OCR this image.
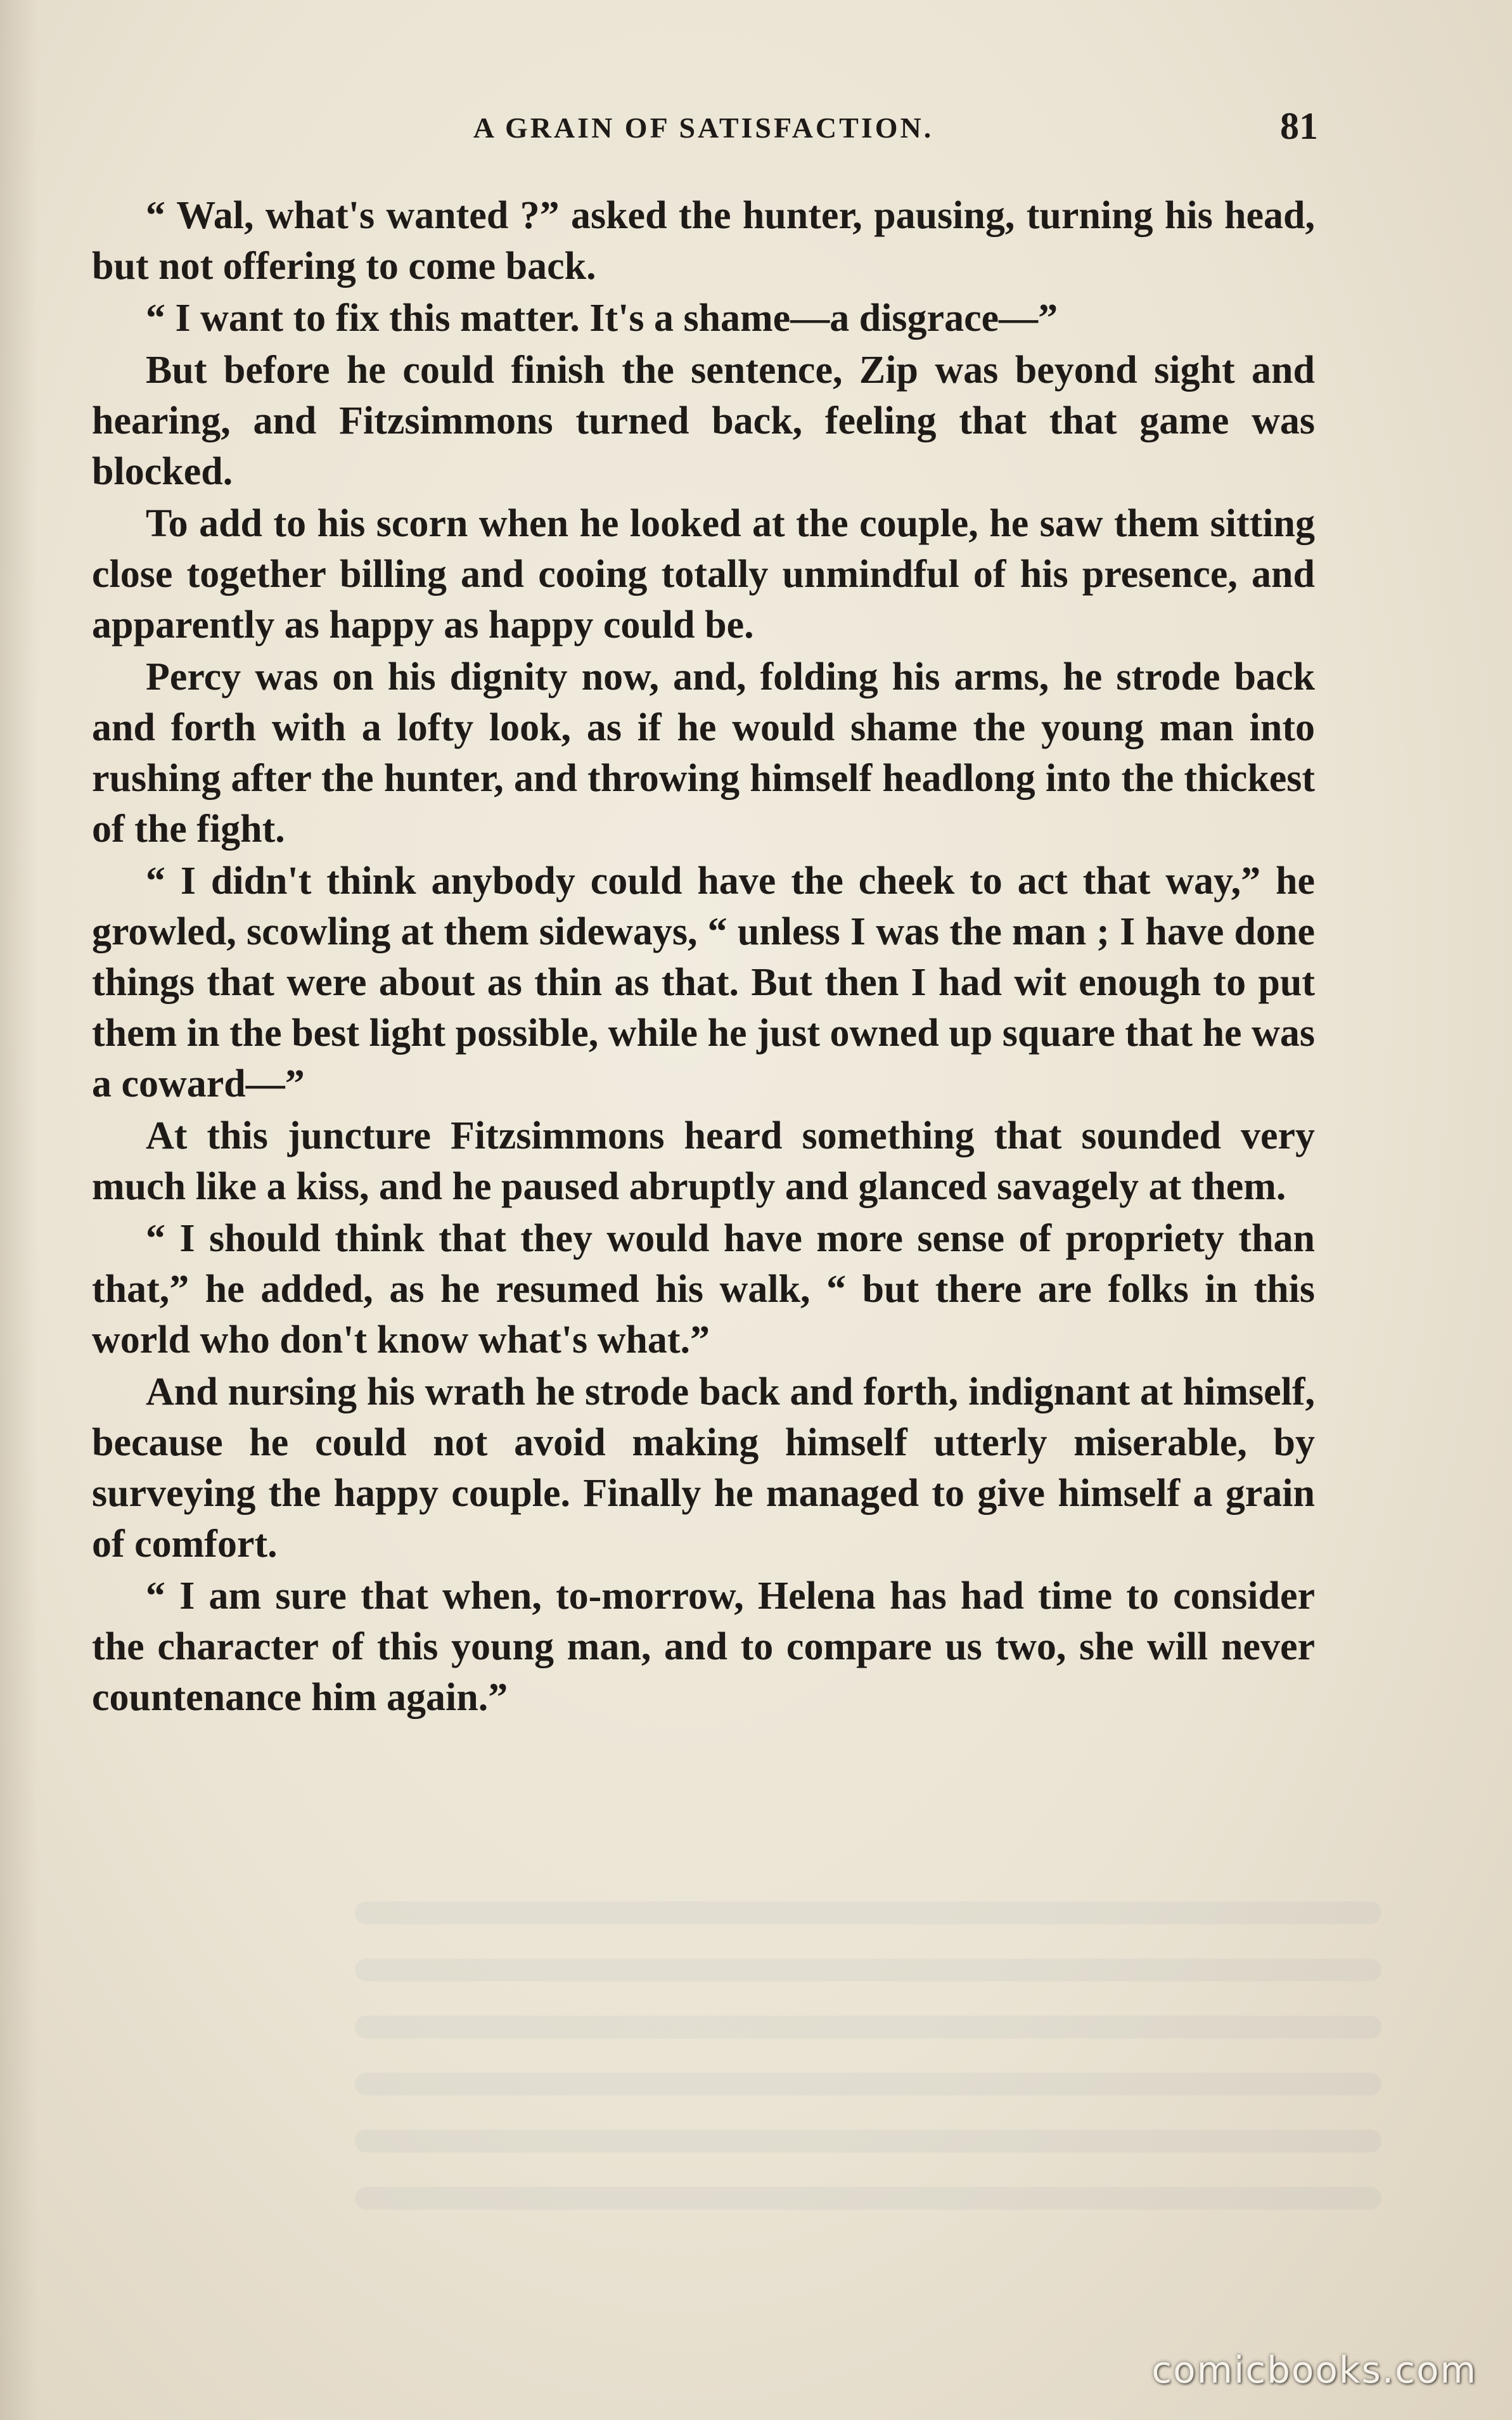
A GRAIN OF SATISFACTION.	81

“ Wal, what's wanted ?” asked the hunter, pausing, turning his head, but not offering to come back.

“ I want to fix this matter. It's a shame—a disgrace—”

But before he could finish the sentence, Zip was beyond sight and hearing, and Fitzsimmons turned back, feeling that that game was blocked.

To add to his scorn when he looked at the couple, he saw them sitting close together billing and cooing totally unmindful of his presence, and apparently as happy as happy could be.

Percy was on his dignity now, and, folding his arms, he strode back and forth with a lofty look, as if he would shame the young man into rushing after the hunter, and throwing himself headlong into the thickest of the fight.

“ I didn't think anybody could have the cheek to act that way,” he growled, scowling at them sideways, “ unless I was the man ; I have done things that were about as thin as that. But then I had wit enough to put them in the best light possible, while he just owned up square that he was a coward—”

At this juncture Fitzsimmons heard something that sounded very much like a kiss, and he paused abruptly and glanced savagely at them.

“ I should think that they would have more sense of propriety than that,” he added, as he resumed his walk, “ but there are folks in this world who don't know what's what.”

And nursing his wrath he strode back and forth, indignant at himself, because he could not avoid making himself utterly miserable, by surveying the happy couple. Finally he managed to give himself a grain of comfort.

“ I am sure that when, to-morrow, Helena has had time to consider the character of this young man, and to compare us two, she will never countenance him again.”

comicbooks.com
